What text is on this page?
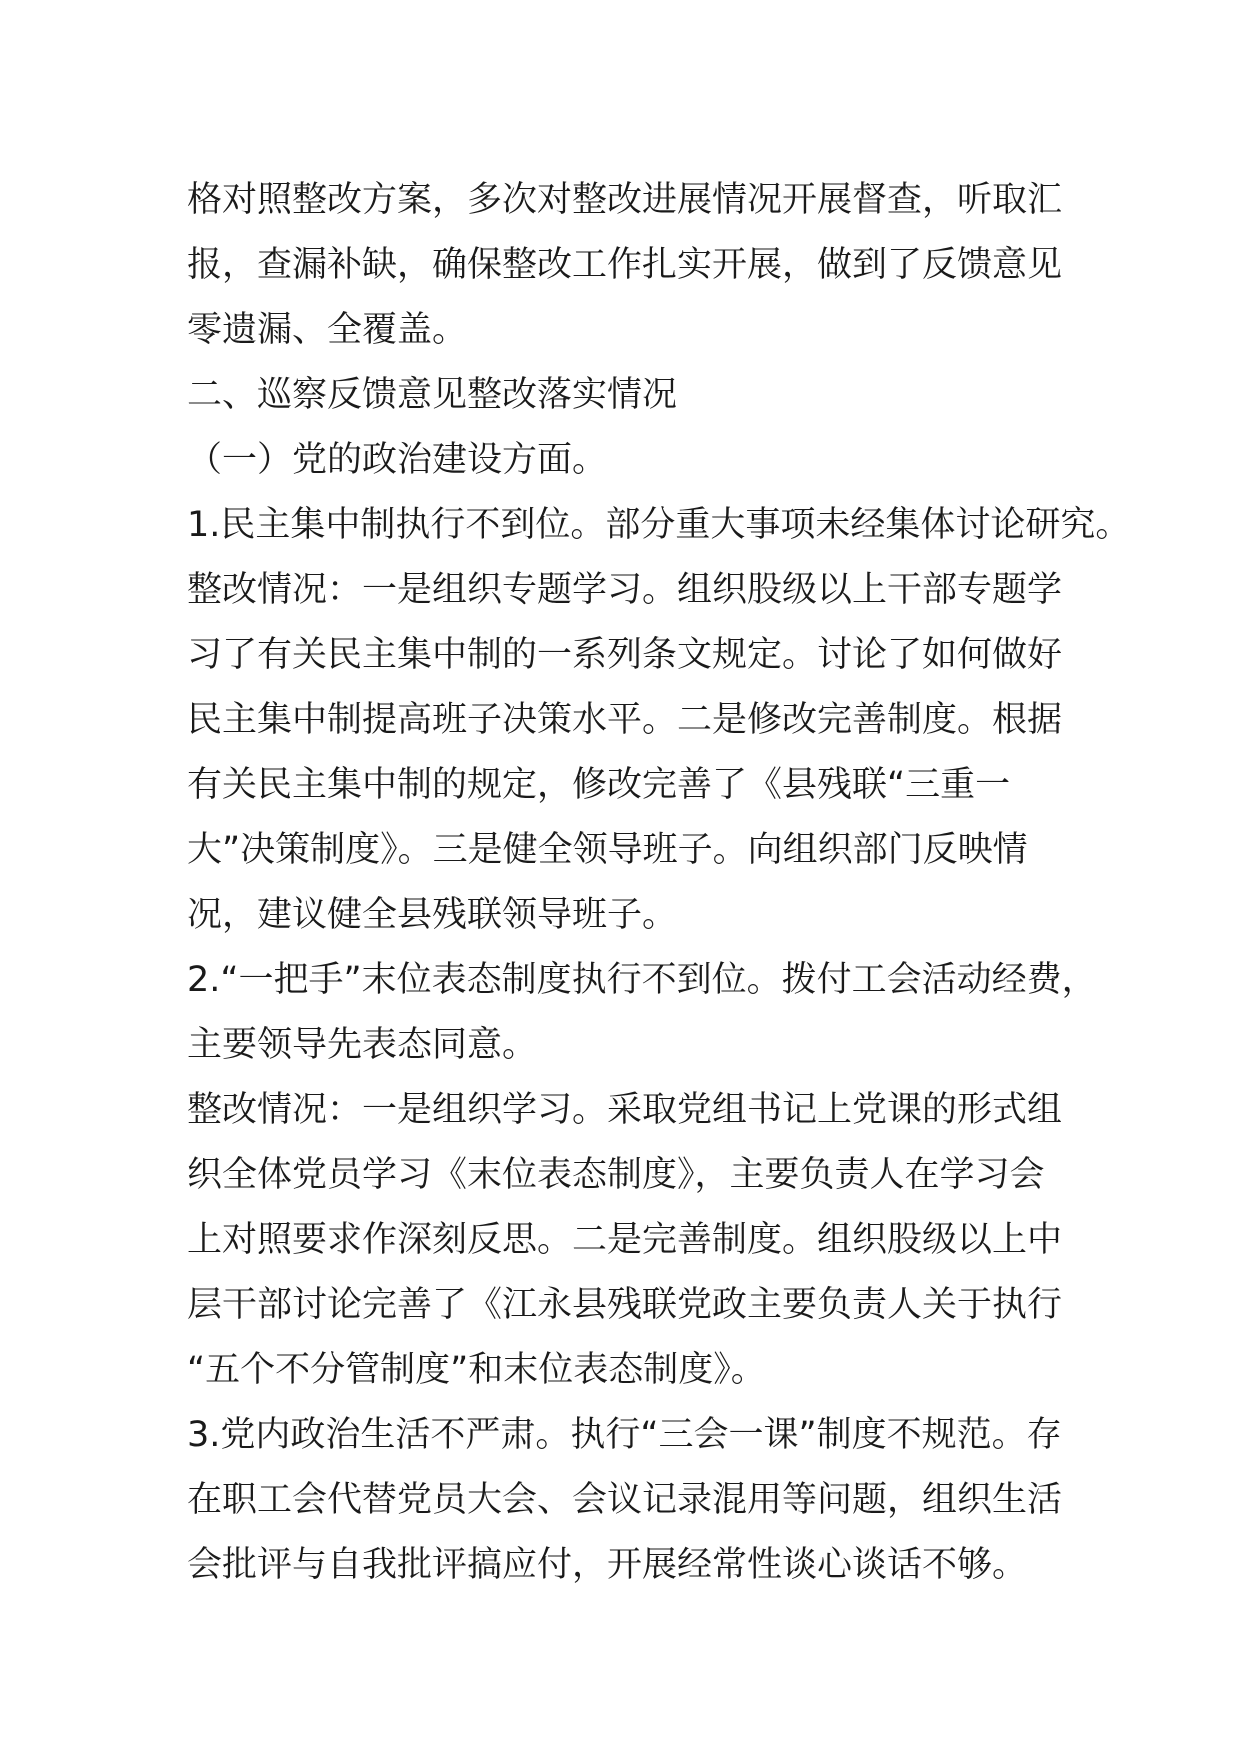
格对照整改方案，多次对整改进展情况开展督查，听取汇
报，查漏补缺，确保整改工作扎实开展，做到了反馈意见
零遗漏、全覆盖。
二、巡察反馈意见整改落实情况
（一）党的政治建设方面。
1.民主集中制执行不到位。部分重大事项未经集体讨论研究。
整改情况：一是组织专题学习。组织股级以上干部专题学
习了有关民主集中制的一系列条文规定。讨论了如何做好
民主集中制提高班子决策水平。二是修改完善制度。根据
有关民主集中制的规定，修改完善了《县残联“三重一
大”决策制度》。三是健全领导班子。向组织部门反映情
况，建议健全县残联领导班子。
2.“一把手”末位表态制度执行不到位。拨付工会活动经费，
主要领导先表态同意。
整改情况：一是组织学习。采取党组书记上党课的形式组
织全体党员学习《末位表态制度》，主要负责人在学习会
上对照要求作深刻反思。二是完善制度。组织股级以上中
层干部讨论完善了《江永县残联党政主要负责人关于执行
“五个不分管制度”和末位表态制度》。
3.党内政治生活不严肃。执行“三会一课”制度不规范。存
在职工会代替党员大会、会议记录混用等问题，组织生活
会批评与自我批评搞应付，开展经常性谈心谈话不够。
